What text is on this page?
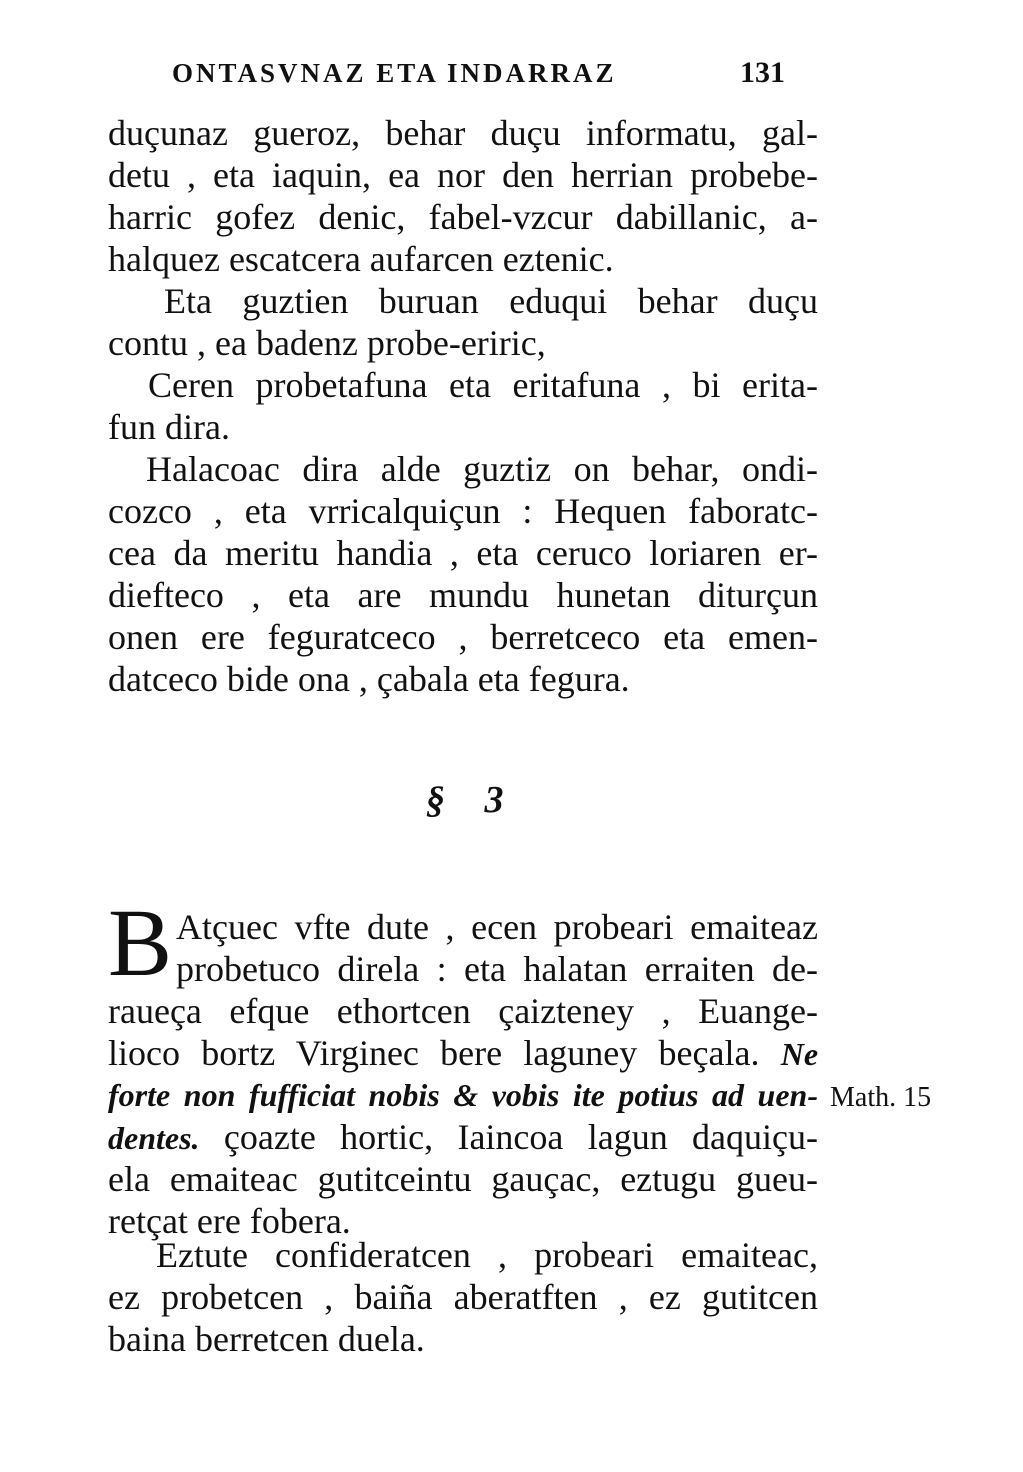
ONTASVNAZ ETA INDARRAZ	131
duçunaz gueroz, behar duçu informatu, gal-
detu , eta iaquin, ea nor den herrian probebe-
harric gofez denic, fabel-vzcur dabillanic, a-
halquez escatcera aufarcen eztenic.
Eta guztien buruan eduqui behar duçu
contu , ea badenz probe-eriric,
Ceren probetafuna eta eritafuna , bi erita-
fun dira.
Halacoac dira alde guztiz on behar, ondi-
cozco , eta vrricalquiçun : Hequen faboratc-
cea da meritu handia , eta ceruco loriaren er-
diefteco , eta are mundu hunetan diturçun
onen ere feguratceco , berretceco eta emen-
datceco bide ona , çabala eta fegura.
§ 3
B Atçuec vfte dute , ecen probeari emaiteaz
probetuco direla : eta halatan erraiten de-
raueça efque ethortcen çaizteney , Euange-
lioco bortz Virginec bere laguney beçala. Ne
forte non fufficiat nobis & vobis ite potius ad uen-
dentes. çoazte hortic, Iaincoa lagun daquiçu-
ela emaiteac gutitceintu gauçac, eztugu gueu-
retçat ere fobera.
Math. 15
Eztute confideratcen , probeari emaiteac,
ez probetcen , baiña aberatften , ez gutitcen
baina berretcen duela.
